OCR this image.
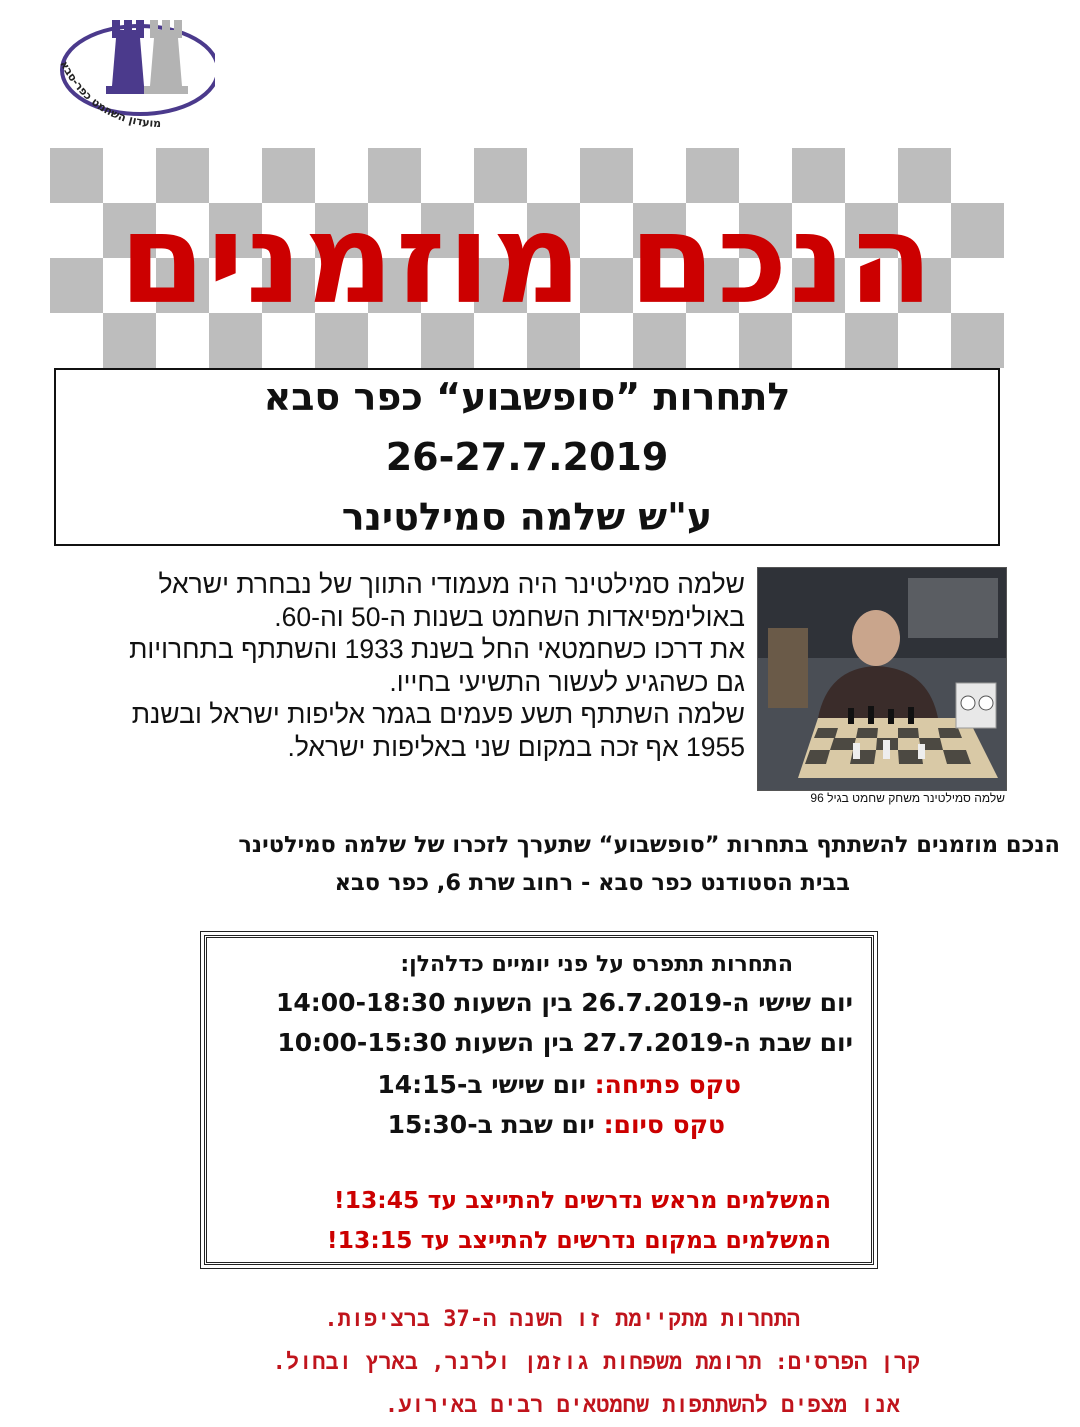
מועדון השחמט כפר-סבא
הנכם מוזמנים
לתחרות ”סופשבוע“ כפר סבא
26-27.7.2019
ע"ש שלמה סמילטינר
שלמה סמילטינר היה מעמודי התווך של נבחרת ישראל
באולימפיאדות השחמט בשנות ה-50 וה-60.
את דרכו כשחמטאי החל בשנת 1933 והשתתף בתחרויות
גם כשהגיע לעשור התשיעי בחייו.
שלמה השתתף תשע פעמים בגמר אליפות ישראל ובשנת
1955 אף זכה במקום שני באליפות ישראל.
שלמה סמילטינר משחק שחמט בגיל 96
הנכם מוזמנים להשתתף בתחרות ”סופשבוע“ שתערך לזכרו של שלמה סמילטינר
בבית הסטודנט כפר סבא - רחוב שרת 6, כפר סבא
התחרות תתפרס על פני יומיים כדלהלן:
יום שישי ה-26.7.2019 בין השעות 14:00-18:30
יום שבת ה-27.7.2019 בין השעות 10:00-15:30
טקס פתיחה: יום שישי ב-14:15
טקס סיום: יום שבת ב-15:30
המשלמים מראש נדרשים להתייצב עד 13:45!
המשלמים במקום נדרשים להתייצב עד 13:15!
התחרות מתקיימת זו השנה ה-37 ברציפות.
קרן הפרסים: תרומת משפחות גוזמן ולרנר, בארץ ובחול.
אנו מצפים להשתתפות שחמטאים רבים באירוע.
